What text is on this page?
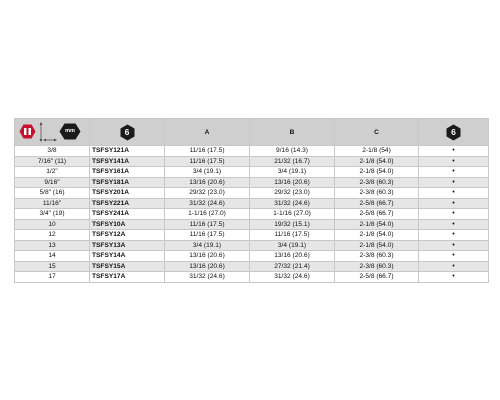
mm	6	A	B	C	6

3/8	TSFSY121A	11/16 (17.5)	9/16 (14.3)	2-1/8 (54)	•
7/16" (11)	TSFSY141A	11/16 (17.5)	21/32 (16.7)	2-1/8 (54.0)	•
1/2"	TSFSY161A	3/4 (19.1)	3/4 (19.1)	2-1/8 (54.0)	•
9/16"	TSFSY181A	13/16 (20.6)	13/16 (20.6)	2-3/8 (60.3)	•
5/8" (16)	TSFSY201A	29/32 (23.0)	29/32 (23.0)	2-3/8 (60.3)	•
11/16"	TSFSY221A	31/32 (24.6)	31/32 (24.6)	2-5/8 (66.7)	•
3/4" (19)	TSFSY241A	1-1/16 (27.0)	1-1/16 (27.0)	2-5/8 (66.7)	•
10	TSFSY10A	11/16 (17.5)	19/32 (15.1)	2-1/8 (54.0)	•
12	TSFSY12A	11/16 (17.5)	11/16 (17.5)	2-1/8 (54.0)	•
13	TSFSY13A	3/4 (19.1)	3/4 (19.1)	2-1/8 (54.0)	•
14	TSFSY14A	13/16 (20.6)	13/16 (20.6)	2-3/8 (60.3)	•
15	TSFSY15A	13/16 (20.6)	27/32 (21.4)	2-3/8 (60.3)	•
17	TSFSY17A	31/32 (24.6)	31/32 (24.6)	2-5/8 (66.7)	•
